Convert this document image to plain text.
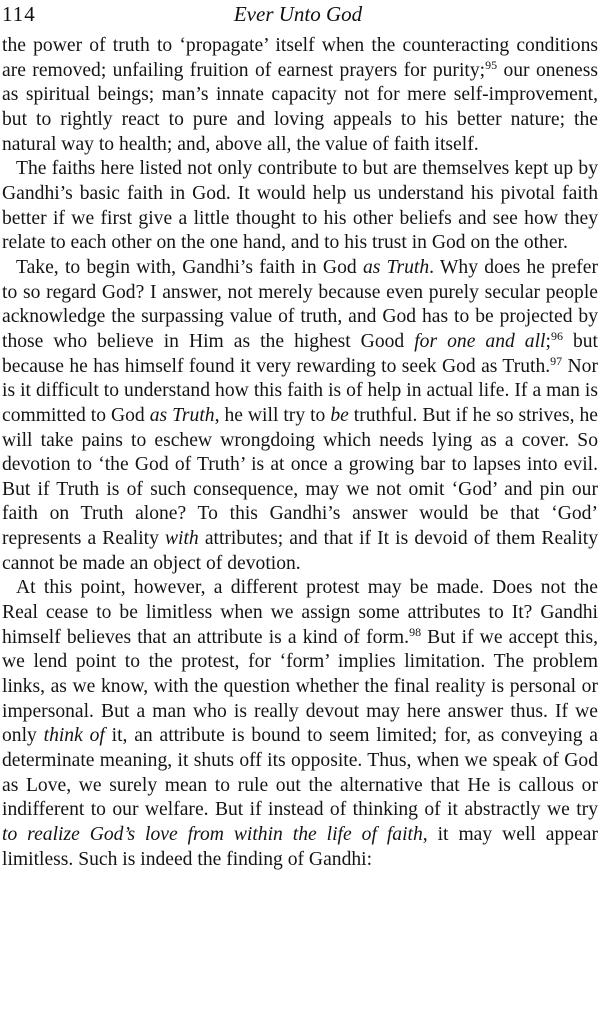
114	Ever Unto God

the power of truth to ‘propagate’ itself when the counteracting conditions are removed; unfailing fruition of earnest prayers for purity;$^{95}$ our oneness as spiritual beings; man’s innate capacity not for mere self-improvement, but to rightly react to pure and loving appeals to his better nature; the natural way to health; and, above all, the value of faith itself.

The faiths here listed not only contribute to but are themselves kept up by Gandhi’s basic faith in God. It would help us understand his pivotal faith better if we first give a little thought to his other beliefs and see how they relate to each other on the one hand, and to his trust in God on the other.

Take, to begin with, Gandhi’s faith in God as Truth. Why does he prefer to so regard God? I answer, not merely because even purely secular people acknowledge the surpassing value of truth, and God has to be projected by those who believe in Him as the highest Good for one and all;$^{96}$ but because he has himself found it very rewarding to seek God as Truth.$^{97}$ Nor is it difficult to understand how this faith is of help in actual life. If a man is committed to God as Truth, he will try to be truthful. But if he so strives, he will take pains to eschew wrongdoing which needs lying as a cover. So devotion to ‘the God of Truth’ is at once a growing bar to lapses into evil. But if Truth is of such consequence, may we not omit ‘God’ and pin our faith on Truth alone? To this Gandhi’s answer would be that ‘God’ represents a Reality with attributes; and that if It is devoid of them Reality cannot be made an object of devotion.

At this point, however, a different protest may be made. Does not the Real cease to be limitless when we assign some attributes to It? Gandhi himself believes that an attribute is a kind of form.$^{98}$ But if we accept this, we lend point to the protest, for ‘form’ implies limitation. The problem links, as we know, with the question whether the final reality is personal or impersonal. But a man who is really devout may here answer thus. If we only think of it, an attribute is bound to seem limited; for, as conveying a determinate meaning, it shuts off its opposite. Thus, when we speak of God as Love, we surely mean to rule out the alternative that He is callous or indifferent to our welfare. But if instead of thinking of it abstractly we try to realize God’s love from within the life of faith, it may well appear limitless. Such is indeed the finding of Gandhi:
